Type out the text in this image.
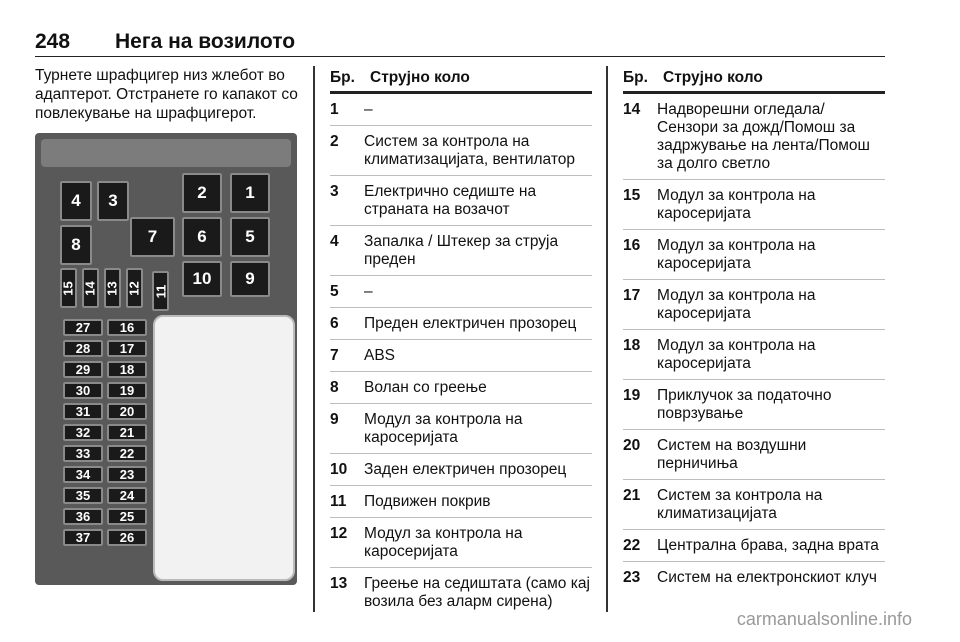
248 Нега на возилото
Турнете шрафцигер низ жлебот во адаптерот. Отстранете го капакот со повлекување на шрафцигерот.
4 3	2 1
8	7 6 5
10 9
15 14 13 12 11
27
28
29
30
31
32
33
34
35
36
37
16
17
18
19
20
21
22
23
24
25
26
Бр. Струјно коло
1	–
2	Систем за контрола на климатизацијата, вентилатор
3	Електрично седиште на страната на возачот
4	Запалка / Штекер за струја преден
5	–
6	Преден електричен прозорец
7	ABS
8	Волан со греење
9	Модул за контрола на каросеријата
10	Заден електричен прозорец
11	Подвижен покрив
12	Модул за контрола на каросеријата
13	Греење на седиштата (само кај возила без аларм сирена)
Бр. Струјно коло
14	Надворешни огледала/ Сензори за дожд/Помош за задржување на лента/Помош за долго светло
15	Модул за контрола на каросеријата
16	Модул за контрола на каросеријата
17	Модул за контрола на каросеријата
18	Модул за контрола на каросеријата
19	Приклучок за податочно поврзување
20	Систем на воздушни перничиња
21	Систем за контрола на климатизацијата
22	Централна брава, задна врата
23	Систем на електронскиот клуч
carmanualsonline.info
